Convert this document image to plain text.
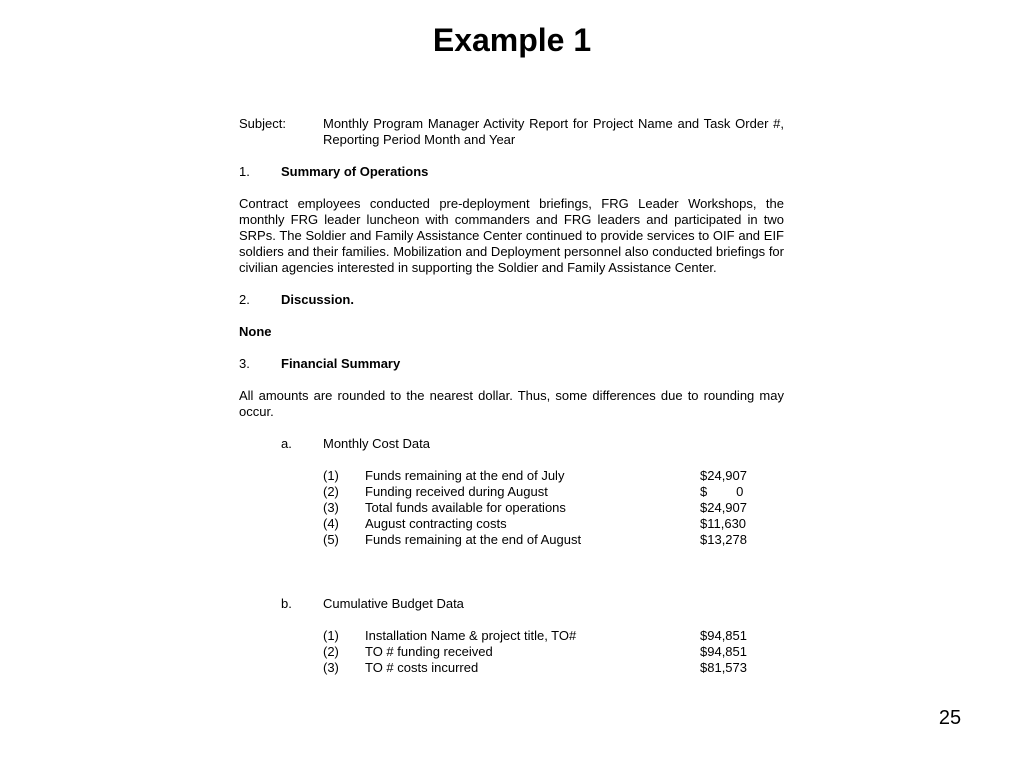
Example 1
Subject:	Monthly Program Manager Activity Report for Project Name and Task Order #, Reporting Period Month and Year
1.	Summary of Operations
Contract employees conducted pre-deployment briefings, FRG Leader Workshops, the monthly FRG leader luncheon with commanders and FRG leaders and participated in two SRPs. The Soldier and Family Assistance Center continued to provide services to OIF and EIF soldiers and their families. Mobilization and Deployment personnel also conducted briefings for civilian agencies interested in supporting the Soldier and Family Assistance Center.
2.	Discussion.
None
3.	Financial Summary
All amounts are rounded to the nearest dollar. Thus, some differences due to rounding may occur.
a.	Monthly Cost Data
(1)	Funds remaining at the end of July	$24,907
(2)	Funding received during August	$        0
(3)	Total funds available for operations	$24,907
(4)	August contracting costs	$11,630
(5)	Funds remaining at the end of August	$13,278
b.	Cumulative Budget Data
(1)	Installation Name & project title, TO#	$94,851
(2)	TO # funding received	$94,851
(3)	TO # costs incurred	$81,573
25
